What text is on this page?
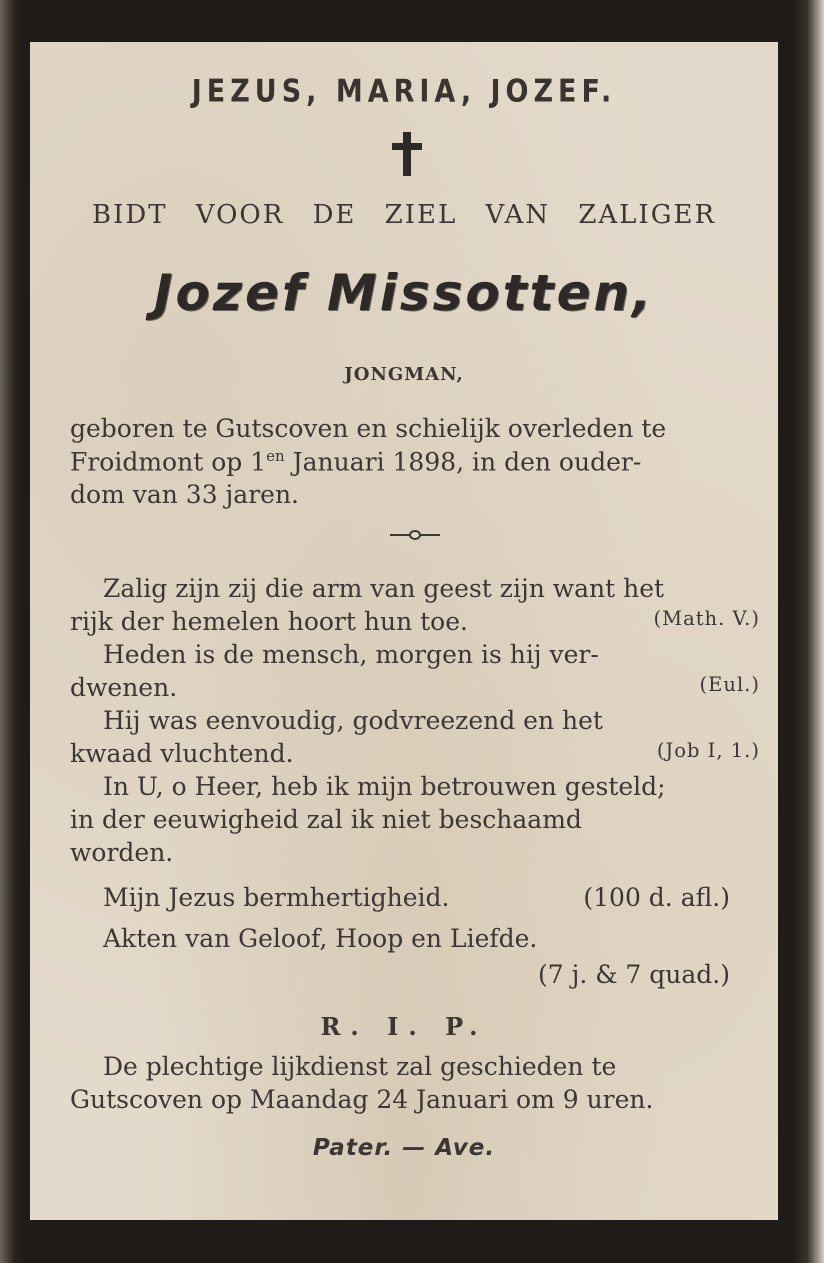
JEZUS, MARIA, JOZEF.
BIDT VOOR DE ZIEL VAN ZALIGER
Jozef Missotten,
JONGMAN,
geboren te Gutscoven en schielijk overleden te
Froidmont op $1^{en}$ Januari 1898, in den ouder-
dom van 33 jaren.
Zalig zijn zij die arm van geest zijn want het
rijk der hemelen hoort hun toe.	(Math. V.)
Heden is de mensch, morgen is hij ver-
dwenen.	(Eul.)
Hij was eenvoudig, godvreezend en het
kwaad vluchtend.	(Job I, 1.)
In U, o Heer, heb ik mijn betrouwen gesteld;
in der eeuwigheid zal ik niet beschaamd
worden.
Mijn Jezus bermhertigheid.	(100 d. afl.)
Akten van Geloof, Hoop en Liefde.
(7 j. & 7 quad.)
R. I. P.
De plechtige lijkdienst zal geschieden te
Gutscoven op Maandag 24 Januari om 9 uren.
Pater. — Ave.
